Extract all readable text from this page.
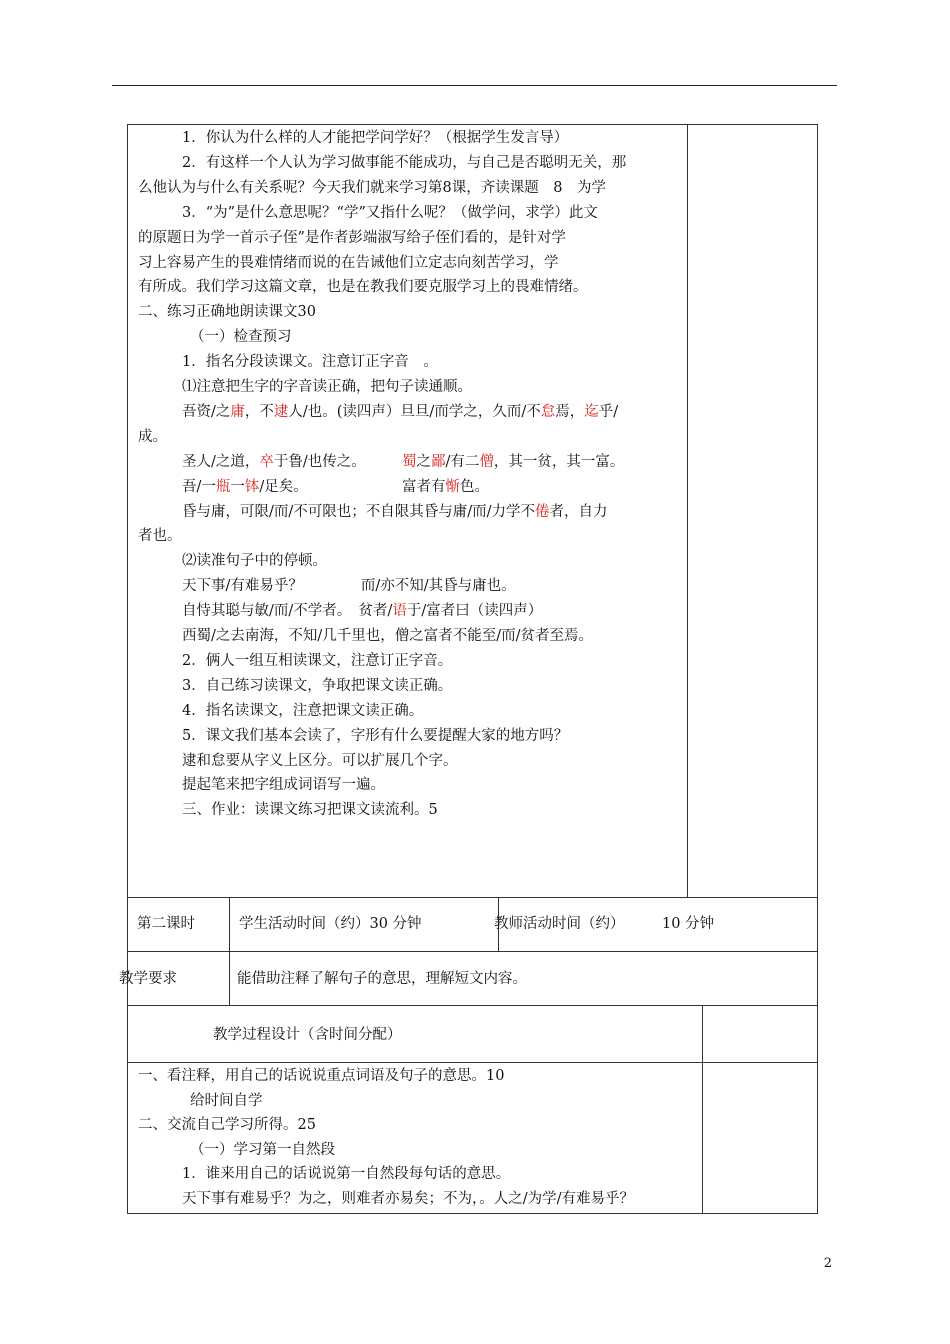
1．你认为什么样的人才能把学问学好？（根据学生发言导）
2．有这样一个人认为学习做事能不能成功，与自己是否聪明无关，那
么他认为与什么有关系呢？今天我们就来学习第8课，齐读课题　8　为学
3．“为”是什么意思呢？“学”又指什么呢？（做学问，求学）此文
的原题日为学一首示子侄”是作者彭端淑写给子侄们看的，是针对学
习上容易产生的畏难情绪而说的在告诫他们立定志向刻苦学习，学
有所成。我们学习这篇文章，也是在教我们要克服学习上的畏难情绪。
二、练习正确地朗读课文30
（一）检查预习
1．指名分段读课文。注意订正字音　。
⑴注意把生字的字音读正确，把句子读通顺。
吾资/之庸，不逮人/也。(读四声）旦旦/而学之，久而/不怠焉，迄乎/
成。
圣人/之道，卒于鲁/也传之。　　　蜀之鄙/有二僧，其一贫，其一富。
吾/一瓶一钵/足矣。　　　　　　　富者有惭色。
昏与庸，可限/而/不可限也；不自限其昏与庸/而/力学不倦者，自力
者也。
⑵读准句子中的停顿。
天下事/有难易乎？　　　　而/亦不知/其昏与庸也。
自恃其聪与敏/而/不学者。　贫者/语于/富者曰（读四声）
西蜀/之去南海，不知/几千里也，僧之富者不能至/而/贫者至焉。
2．俩人一组互相读课文，注意订正字音。
3．自己练习读课文，争取把课文读正确。
4．指名读课文，注意把课文读正确。
5．课文我们基本会读了，字形有什么要提醒大家的地方吗？
逮和怠要从字义上区分。可以扩展几个字。
提起笔来把字组成词语写一遍。
三、作业：读课文练习把课文读流利。5
第二课时	学生活动时间（约）30 分钟	教师活动时间（约）	10 分钟
教学要求	能借助注释了解句子的意思，理解短文内容。
教学过程设计（含时间分配）
一、看注释，用自己的话说说重点词语及句子的意思。10
给时间自学
二、交流自己学习所得。25
（一）学习第一自然段
1．谁来用自己的话说说第一自然段每句话的意思。
天下事有难易乎？为之，则难者亦易矣；不为，。人之/为学/有难易乎？
2
